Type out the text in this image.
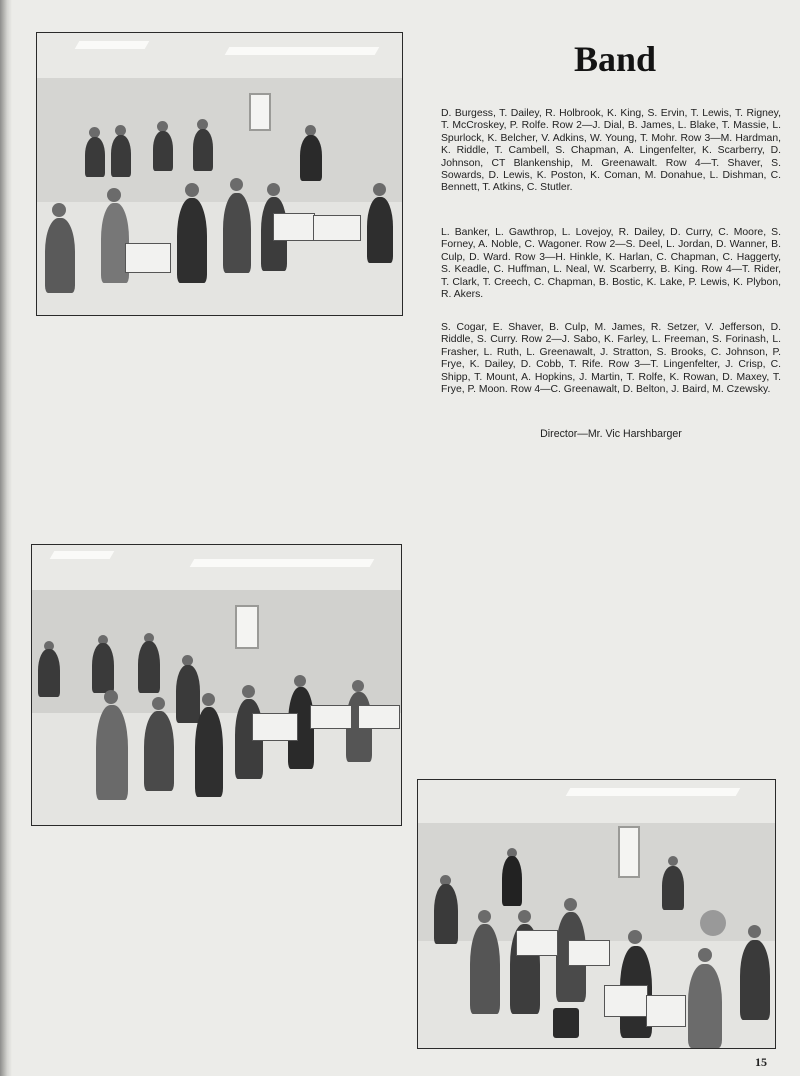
Band

D. Burgess, T. Dailey, R. Holbrook, K. King, S. Ervin, T. Lewis, T. Rigney, T. McCroskey, P. Rolfe. Row 2—J. Dial, B. James, L. Blake, T. Massie, L. Spurlock, K. Belcher, V. Adkins, W. Young, T. Mohr. Row 3—M. Hardman, K. Riddle, T. Cambell, S. Chapman, A. Lingenfelter, K. Scarberry, D. Johnson, CT Blankenship, M. Greenawalt. Row 4—T. Shaver, S. Sowards, D. Lewis, K. Poston, K. Coman, M. Donahue, L. Dishman, C. Bennett, T. Atkins, C. Stutler.

L. Banker, L. Gawthrop, L. Lovejoy, R. Dailey, D. Curry, C. Moore, S. Forney, A. Noble, C. Wagoner. Row 2—S. Deel, L. Jordan, D. Wanner, B. Culp, D. Ward. Row 3—H. Hinkle, K. Harlan, C. Chapman, C. Haggerty, S. Keadle, C. Huffman, L. Neal, W. Scarberry, B. King. Row 4—T. Rider, T. Clark, T. Creech, C. Chapman, B. Bostic, K. Lake, P. Lewis, K. Plybon, R. Akers.

S. Cogar, E. Shaver, B. Culp, M. James, R. Setzer, V. Jefferson, D. Riddle, S. Curry. Row 2—J. Sabo, K. Farley, L. Freeman, S. Forinash, L. Frasher, L. Ruth, L. Greenawalt, J. Stratton, S. Brooks, C. Johnson, P. Frye, K. Dailey, D. Cobb, T. Rife. Row 3—T. Lingenfelter, J. Crisp, C. Shipp, T. Mount, A. Hopkins, J. Martin, T. Rolfe, K. Rowan, D. Maxey, T. Frye, P. Moon. Row 4—C. Greenawalt, D. Belton, J. Baird, M. Czewsky.

Director—Mr. Vic Harshbarger

15
